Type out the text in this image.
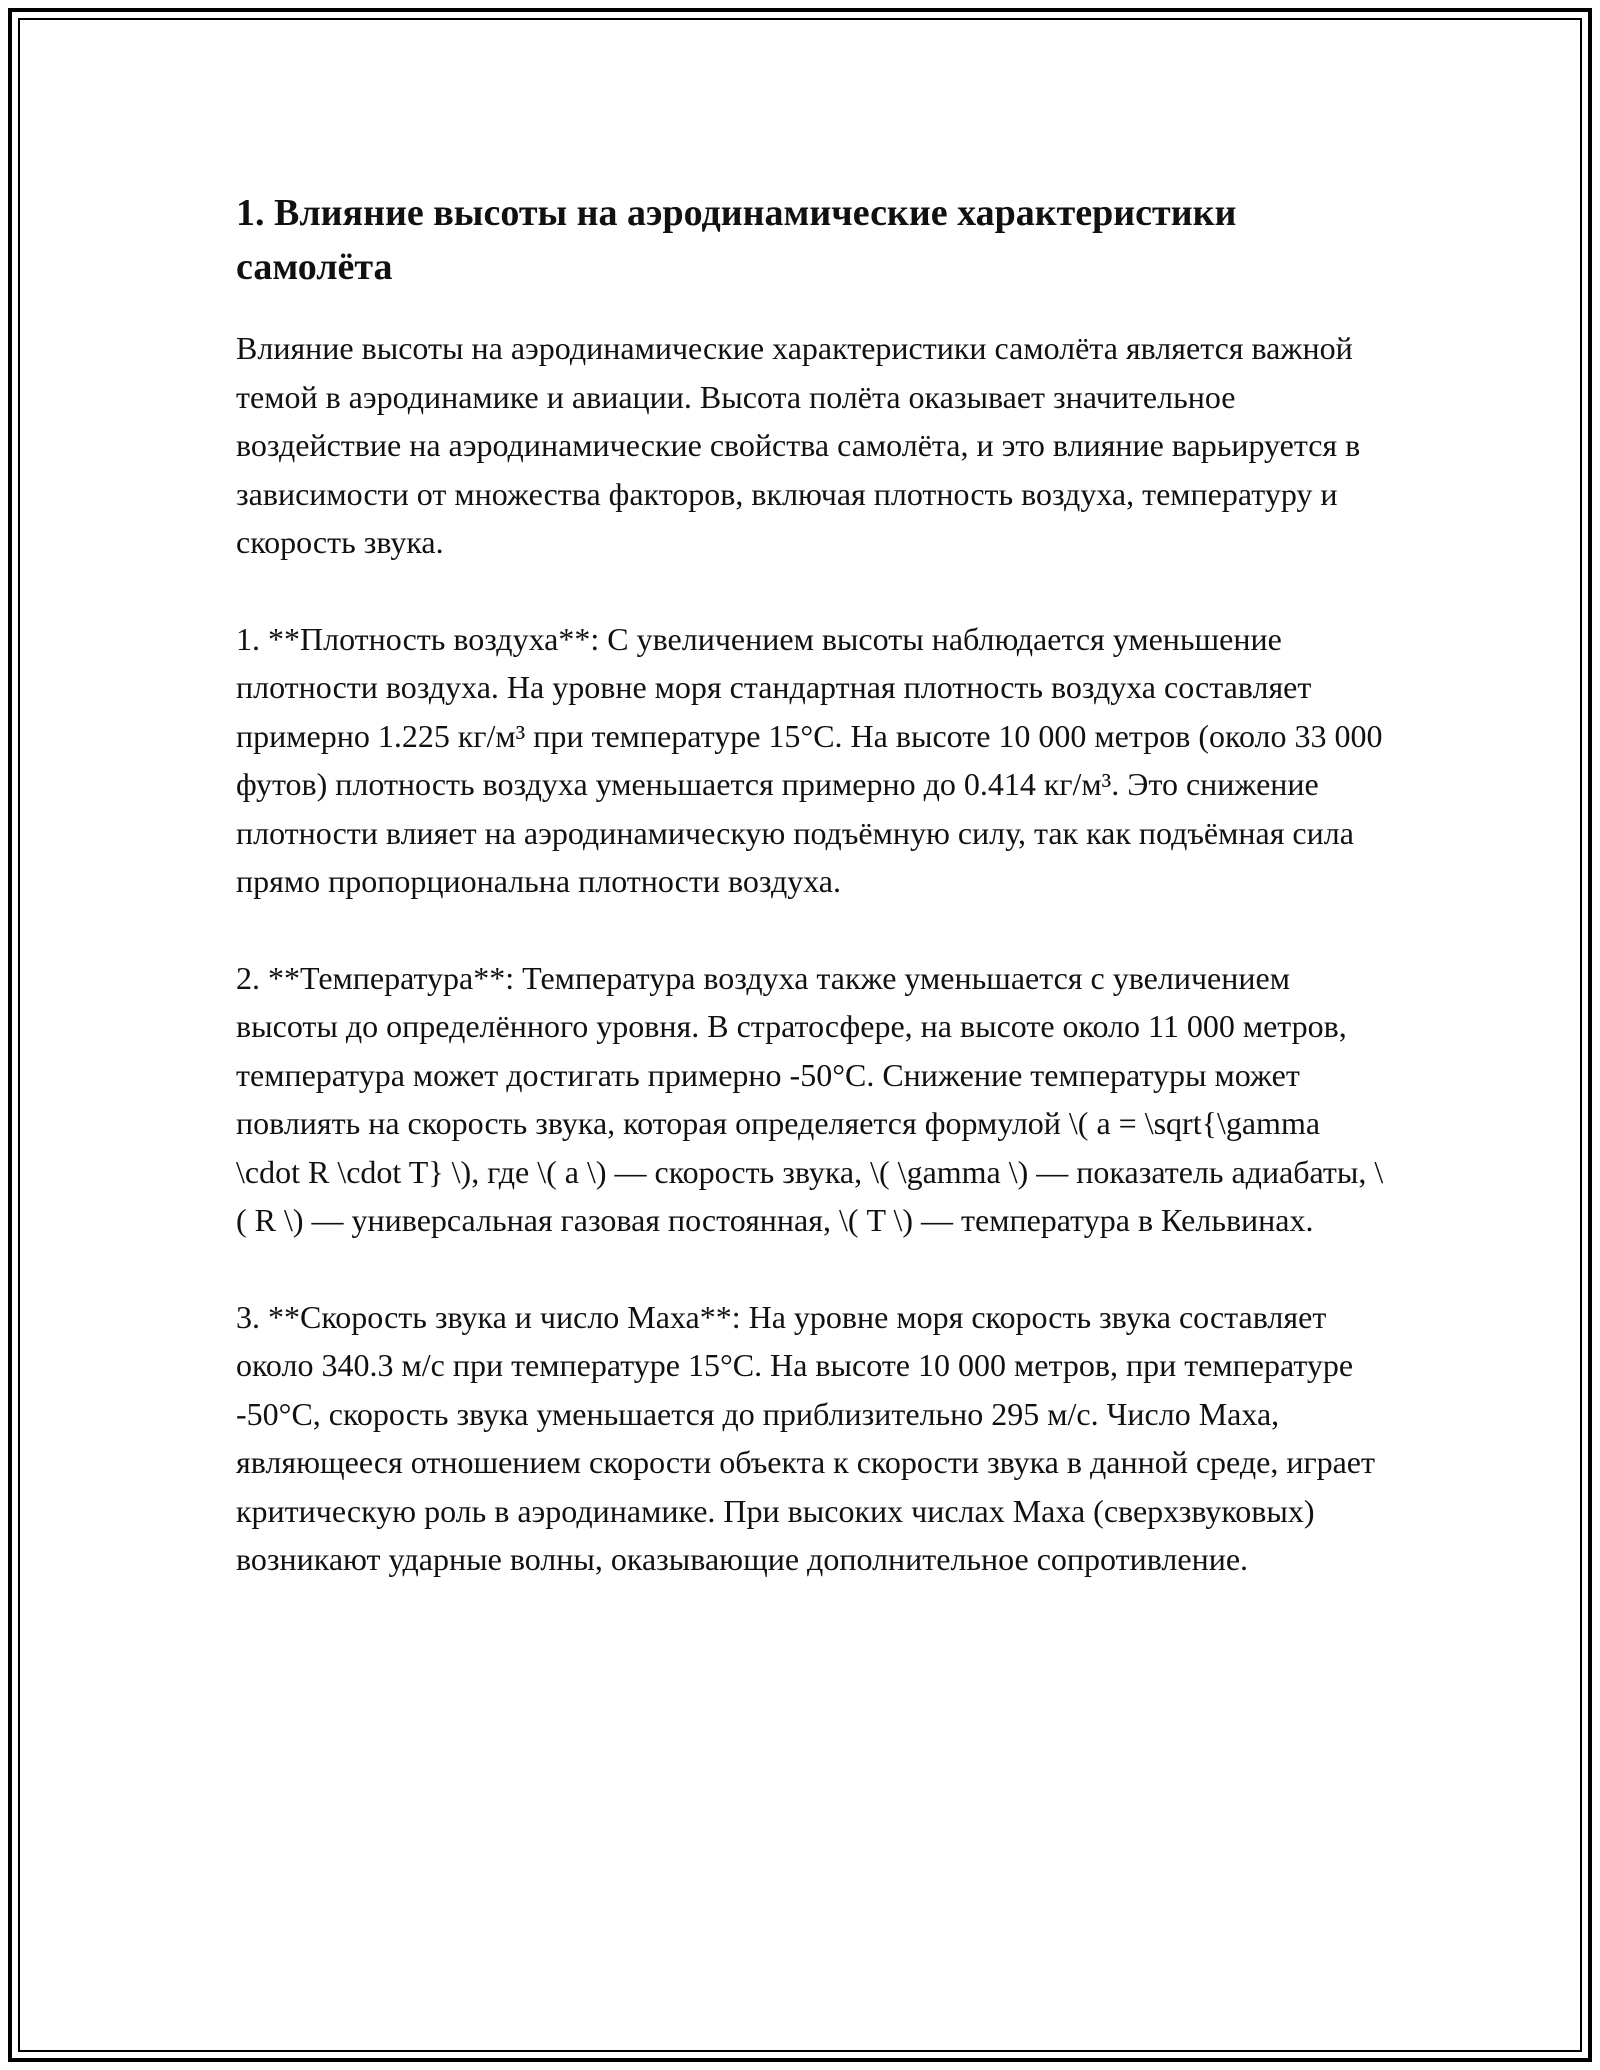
1. Влияние высоты на аэродинамические характеристики самолёта

Влияние высоты на аэродинамические характеристики самолёта является важной темой в аэродинамике и авиации. Высота полёта оказывает значительное воздействие на аэродинамические свойства самолёта, и это влияние варьируется в зависимости от множества факторов, включая плотность воздуха, температуру и скорость звука.

1. **Плотность воздуха**: С увеличением высоты наблюдается уменьшение плотности воздуха. На уровне моря стандартная плотность воздуха составляет примерно 1.225 кг/м³ при температуре 15°C. На высоте 10 000 метров (около 33 000 футов) плотность воздуха уменьшается примерно до 0.414 кг/м³. Это снижение плотности влияет на аэродинамическую подъёмную силу, так как подъёмная сила прямо пропорциональна плотности воздуха.

2. **Температура**: Температура воздуха также уменьшается с увеличением высоты до определённого уровня. В стратосфере, на высоте около 11 000 метров, температура может достигать примерно -50°C. Снижение температуры может повлиять на скорость звука, которая определяется формулой \( a = \sqrt{\gamma \cdot R \cdot T} \), где \( a \) — скорость звука, \( \gamma \) — показатель адиабаты, \( R \) — универсальная газовая постоянная, \( T \) — температура в Кельвинах.

3. **Скорость звука и число Маха**: На уровне моря скорость звука составляет около 340.3 м/с при температуре 15°C. На высоте 10 000 метров, при температуре -50°C, скорость звука уменьшается до приблизительно 295 м/с. Число Маха, являющееся отношением скорости объекта к скорости звука в данной среде, играет критическую роль в аэродинамике. При высоких числах Маха (сверхзвуковых) возникают ударные волны, оказывающие дополнительное сопротивление.
